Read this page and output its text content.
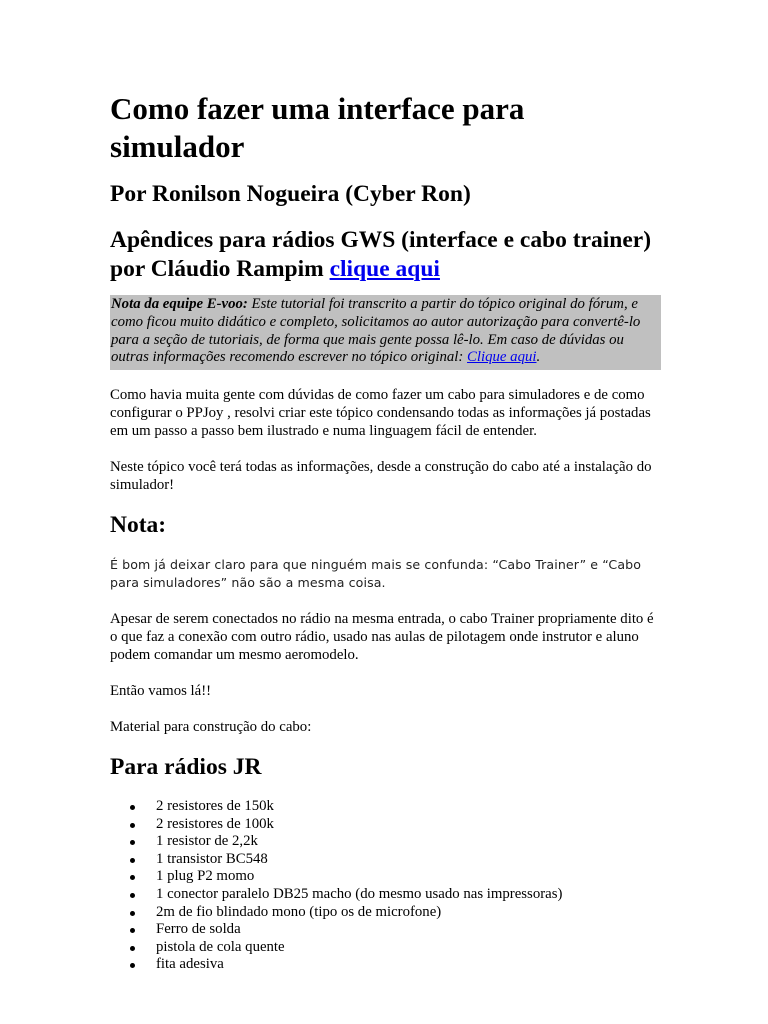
Como fazer uma interface para simulador

Por Ronilson Nogueira (Cyber Ron)

Apêndices para rádios GWS (interface e cabo trainer) por Cláudio Rampim clique aqui

Nota da equipe E-voo: Este tutorial foi transcrito a partir do tópico original do fórum, e como ficou muito didático e completo, solicitamos ao autor autorização para convertê-lo para a seção de tutoriais, de forma que mais gente possa lê-lo. Em caso de dúvidas ou outras informações recomendo escrever no tópico original: Clique aqui.

Como havia muita gente com dúvidas de como fazer um cabo para simuladores e de como configurar o PPJoy , resolvi criar este tópico condensando todas as informações já postadas em um passo a passo bem ilustrado e numa linguagem fácil de entender.

Neste tópico você terá todas as informações, desde a construção do cabo até a instalação do simulador!

Nota:

É bom já deixar claro para que ninguém mais se confunda: “Cabo Trainer” e “Cabo para simuladores” não são a mesma coisa.

Apesar de serem conectados no rádio na mesma entrada, o cabo Trainer propriamente dito é o que faz a conexão com outro rádio, usado nas aulas de pilotagem onde instrutor e aluno podem comandar um mesmo aeromodelo.

Então vamos lá!!

Material para construção do cabo:

Para rádios JR

2 resistores de 150k
2 resistores de 100k
1 resistor de 2,2k
1 transistor BC548
1 plug P2 momo
1 conector paralelo DB25 macho (do mesmo usado nas impressoras)
2m de fio blindado mono (tipo os de microfone)
Ferro de solda
pistola de cola quente
fita adesiva
